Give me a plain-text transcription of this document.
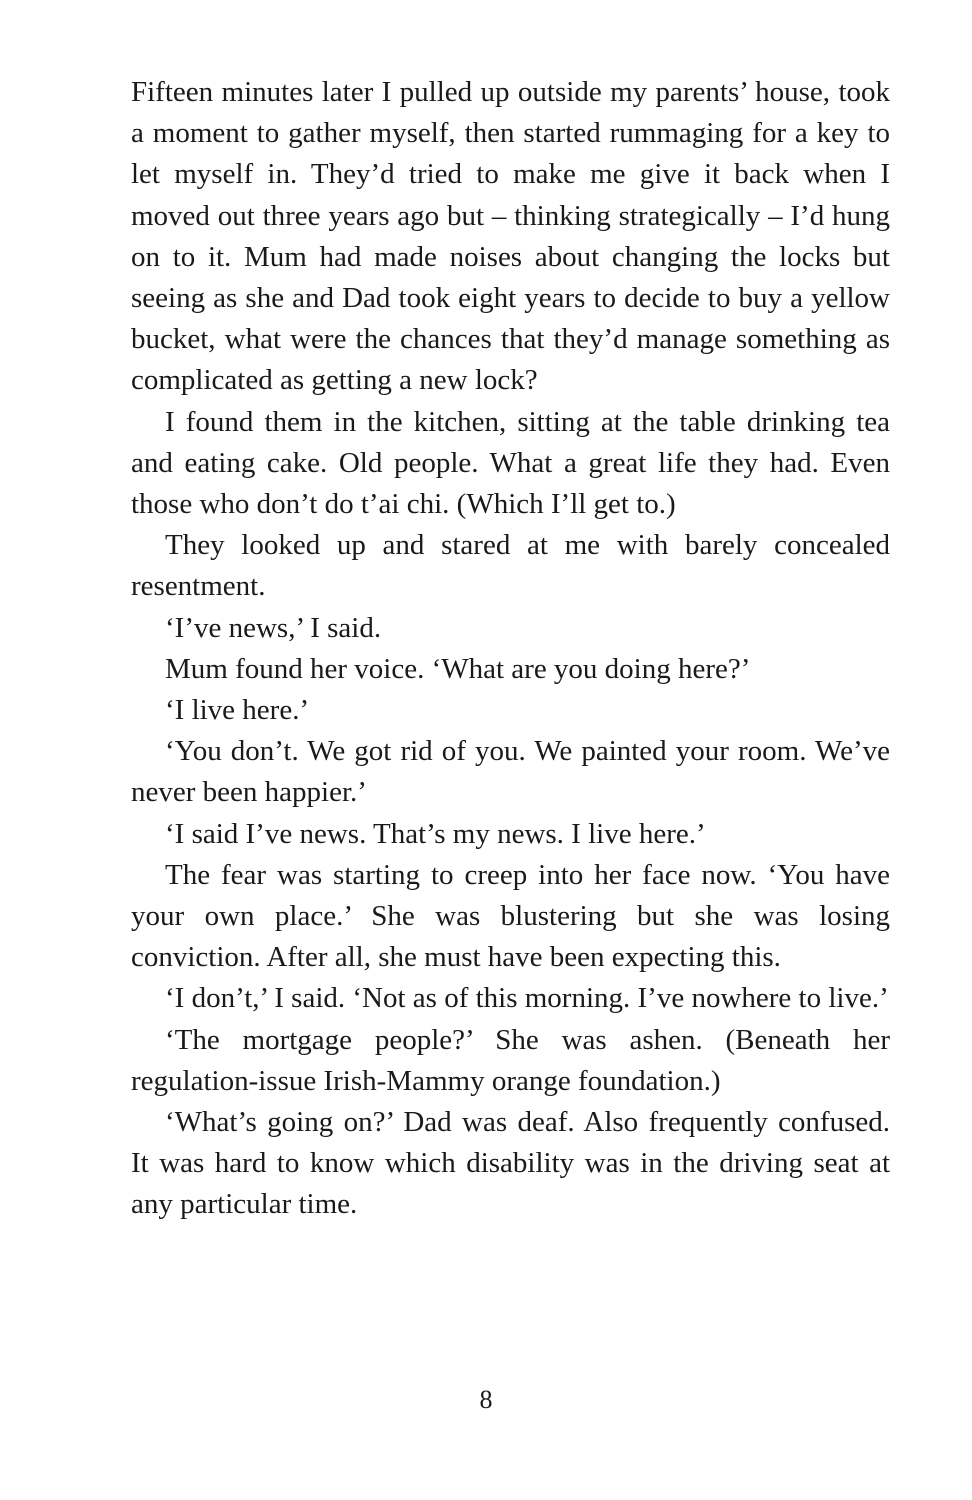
Fifteen minutes later I pulled up outside my parents’ house, took a moment to gather myself, then started rummaging for a key to let myself in. They’d tried to make me give it back when I moved out three years ago but – thinking strategically – I’d hung on to it. Mum had made noises about changing the locks but seeing as she and Dad took eight years to decide to buy a yellow bucket, what were the chances that they’d manage something as complicated as getting a new lock?

I found them in the kitchen, sitting at the table drinking tea and eating cake. Old people. What a great life they had. Even those who don’t do t’ai chi. (Which I’ll get to.)

They looked up and stared at me with barely concealed resentment.

‘I’ve news,’ I said.

Mum found her voice. ‘What are you doing here?’

‘I live here.’

‘You don’t. We got rid of you. We painted your room. We’ve never been happier.’

‘I said I’ve news. That’s my news. I live here.’

The fear was starting to creep into her face now. ‘You have your own place.’ She was blustering but she was losing conviction. After all, she must have been expecting this.

‘I don’t,’ I said. ‘Not as of this morning. I’ve nowhere to live.’

‘The mortgage people?’ She was ashen. (Beneath her regulation-issue Irish-Mammy orange foundation.)

‘What’s going on?’ Dad was deaf. Also frequently confused. It was hard to know which disability was in the driving seat at any particular time.

8
